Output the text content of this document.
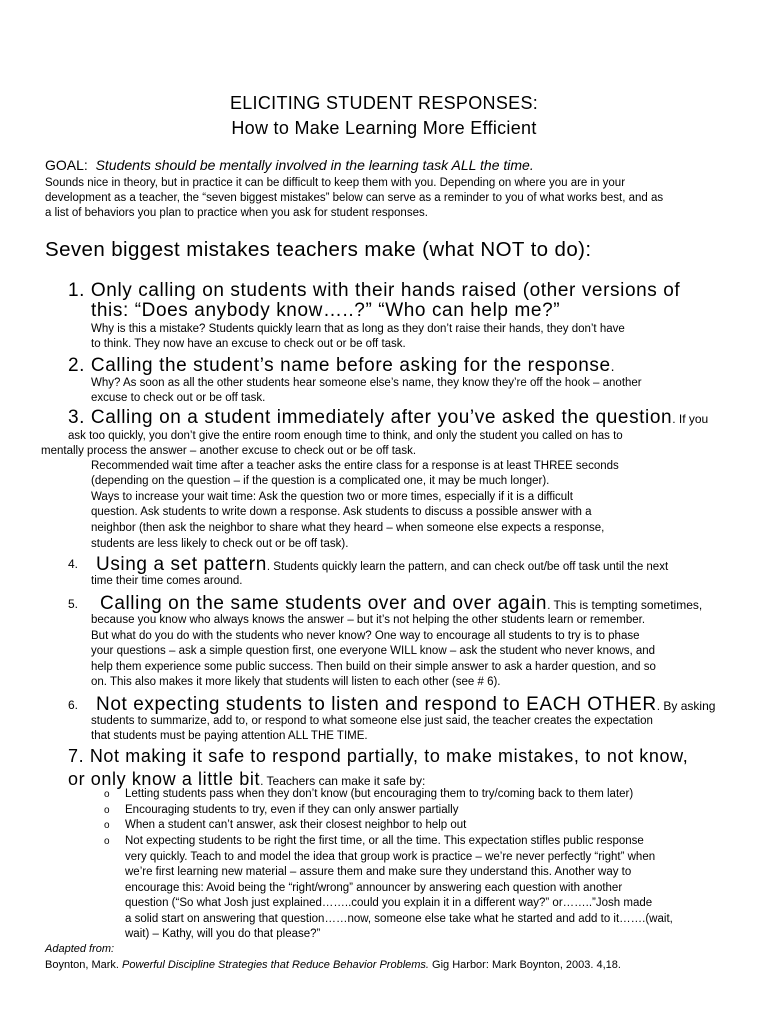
ELICITING STUDENT RESPONSES:
How to Make Learning More Efficient
GOAL: Students should be mentally involved in the learning task ALL the time.
Sounds nice in theory, but in practice it can be difficult to keep them with you. Depending on where you are in your
development as a teacher, the “seven biggest mistakes” below can serve as a reminder to you of what works best, and as
a list of behaviors you plan to practice when you ask for student responses.
Seven biggest mistakes teachers make (what NOT to do):
1. Only calling on students with their hands raised (other versions of
this: “Does anybody know…..?” “Who can help me?”
Why is this a mistake? Students quickly learn that as long as they don’t raise their hands, they don’t have
to think. They now have an excuse to check out or be off task.
2. Calling the student’s name before asking for the response.
Why? As soon as all the other students hear someone else’s name, they know they’re off the hook – another
excuse to check out or be off task.
3. Calling on a student immediately after you’ve asked the question. If you
ask too quickly, you don’t give the entire room enough time to think, and only the student you called on has to
mentally process the answer – another excuse to check out or be off task.
Recommended wait time after a teacher asks the entire class for a response is at least THREE seconds
(depending on the question – if the question is a complicated one, it may be much longer).
Ways to increase your wait time: Ask the question two or more times, especially if it is a difficult
question. Ask students to write down a response. Ask students to discuss a possible answer with a
neighbor (then ask the neighbor to share what they heard – when someone else expects a response,
students are less likely to check out or be off task).
4. Using a set pattern. Students quickly learn the pattern, and can check out/be off task until the next
time their time comes around.
5. Calling on the same students over and over again. This is tempting sometimes,
because you know who always knows the answer – but it’s not helping the other students learn or remember.
But what do you do with the students who never know? One way to encourage all students to try is to phase
your questions – ask a simple question first, one everyone WILL know – ask the student who never knows, and
help them experience some public success. Then build on their simple answer to ask a harder question, and so
on. This also makes it more likely that students will listen to each other (see # 6).
6. Not expecting students to listen and respond to EACH OTHER. By asking
students to summarize, add to, or respond to what someone else just said, the teacher creates the expectation
that students must be paying attention ALL THE TIME.
7. Not making it safe to respond partially, to make mistakes, to not know,
or only know a little bit. Teachers can make it safe by:
o Letting students pass when they don’t know (but encouraging them to try/coming back to them later)
o Encouraging students to try, even if they can only answer partially
o When a student can’t answer, ask their closest neighbor to help out
o Not expecting students to be right the first time, or all the time. This expectation stifles public response
very quickly. Teach to and model the idea that group work is practice – we’re never perfectly “right” when
we’re first learning new material – assure them and make sure they understand this. Another way to
encourage this: Avoid being the “right/wrong” announcer by answering each question with another
question (“So what Josh just explained……..could you explain it in a different way?” or……..”Josh made
a solid start on answering that question……now, someone else take what he started and add to it…….(wait,
wait) – Kathy, will you do that please?”
Adapted from:
Boynton, Mark. Powerful Discipline Strategies that Reduce Behavior Problems. Gig Harbor: Mark Boynton, 2003. 4,18.
